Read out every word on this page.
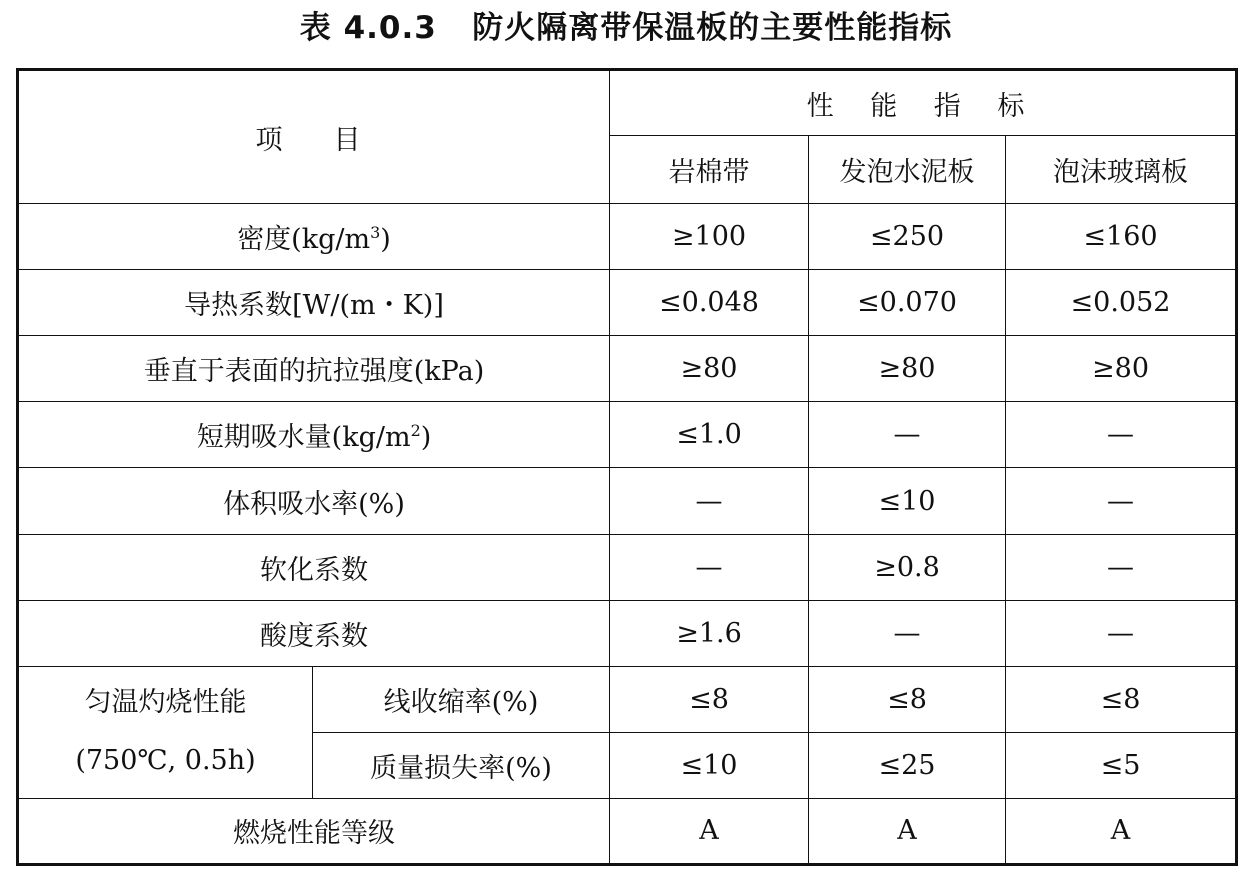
表 4.0.3   防火隔离带保温板的主要性能指标
项　目		性 能 指 标		
		岩棉带	发泡水泥板	泡沫玻璃板
密度$(kg/m^3)$		≥100	≤250	≤160
导热系数[W/(m・K)]		≤0.048	≤0.070	≤0.052
垂直于表面的抗拉强度(kPa)		≥80	≥80	≥80
短期吸水量$(kg/m^2)$		≤1.0	—	—
体积吸水率(%)		—	≤10	—
软化系数		—	≥0.8	—
酸度系数		≥1.6	—	—

匀温灼烧性能
(750℃, 0.5h)	线收缩率(%)	≤8	≤8	≤8
	质量损失率(%)	≤10	≤25	≤5
燃烧性能等级		A	A	A
